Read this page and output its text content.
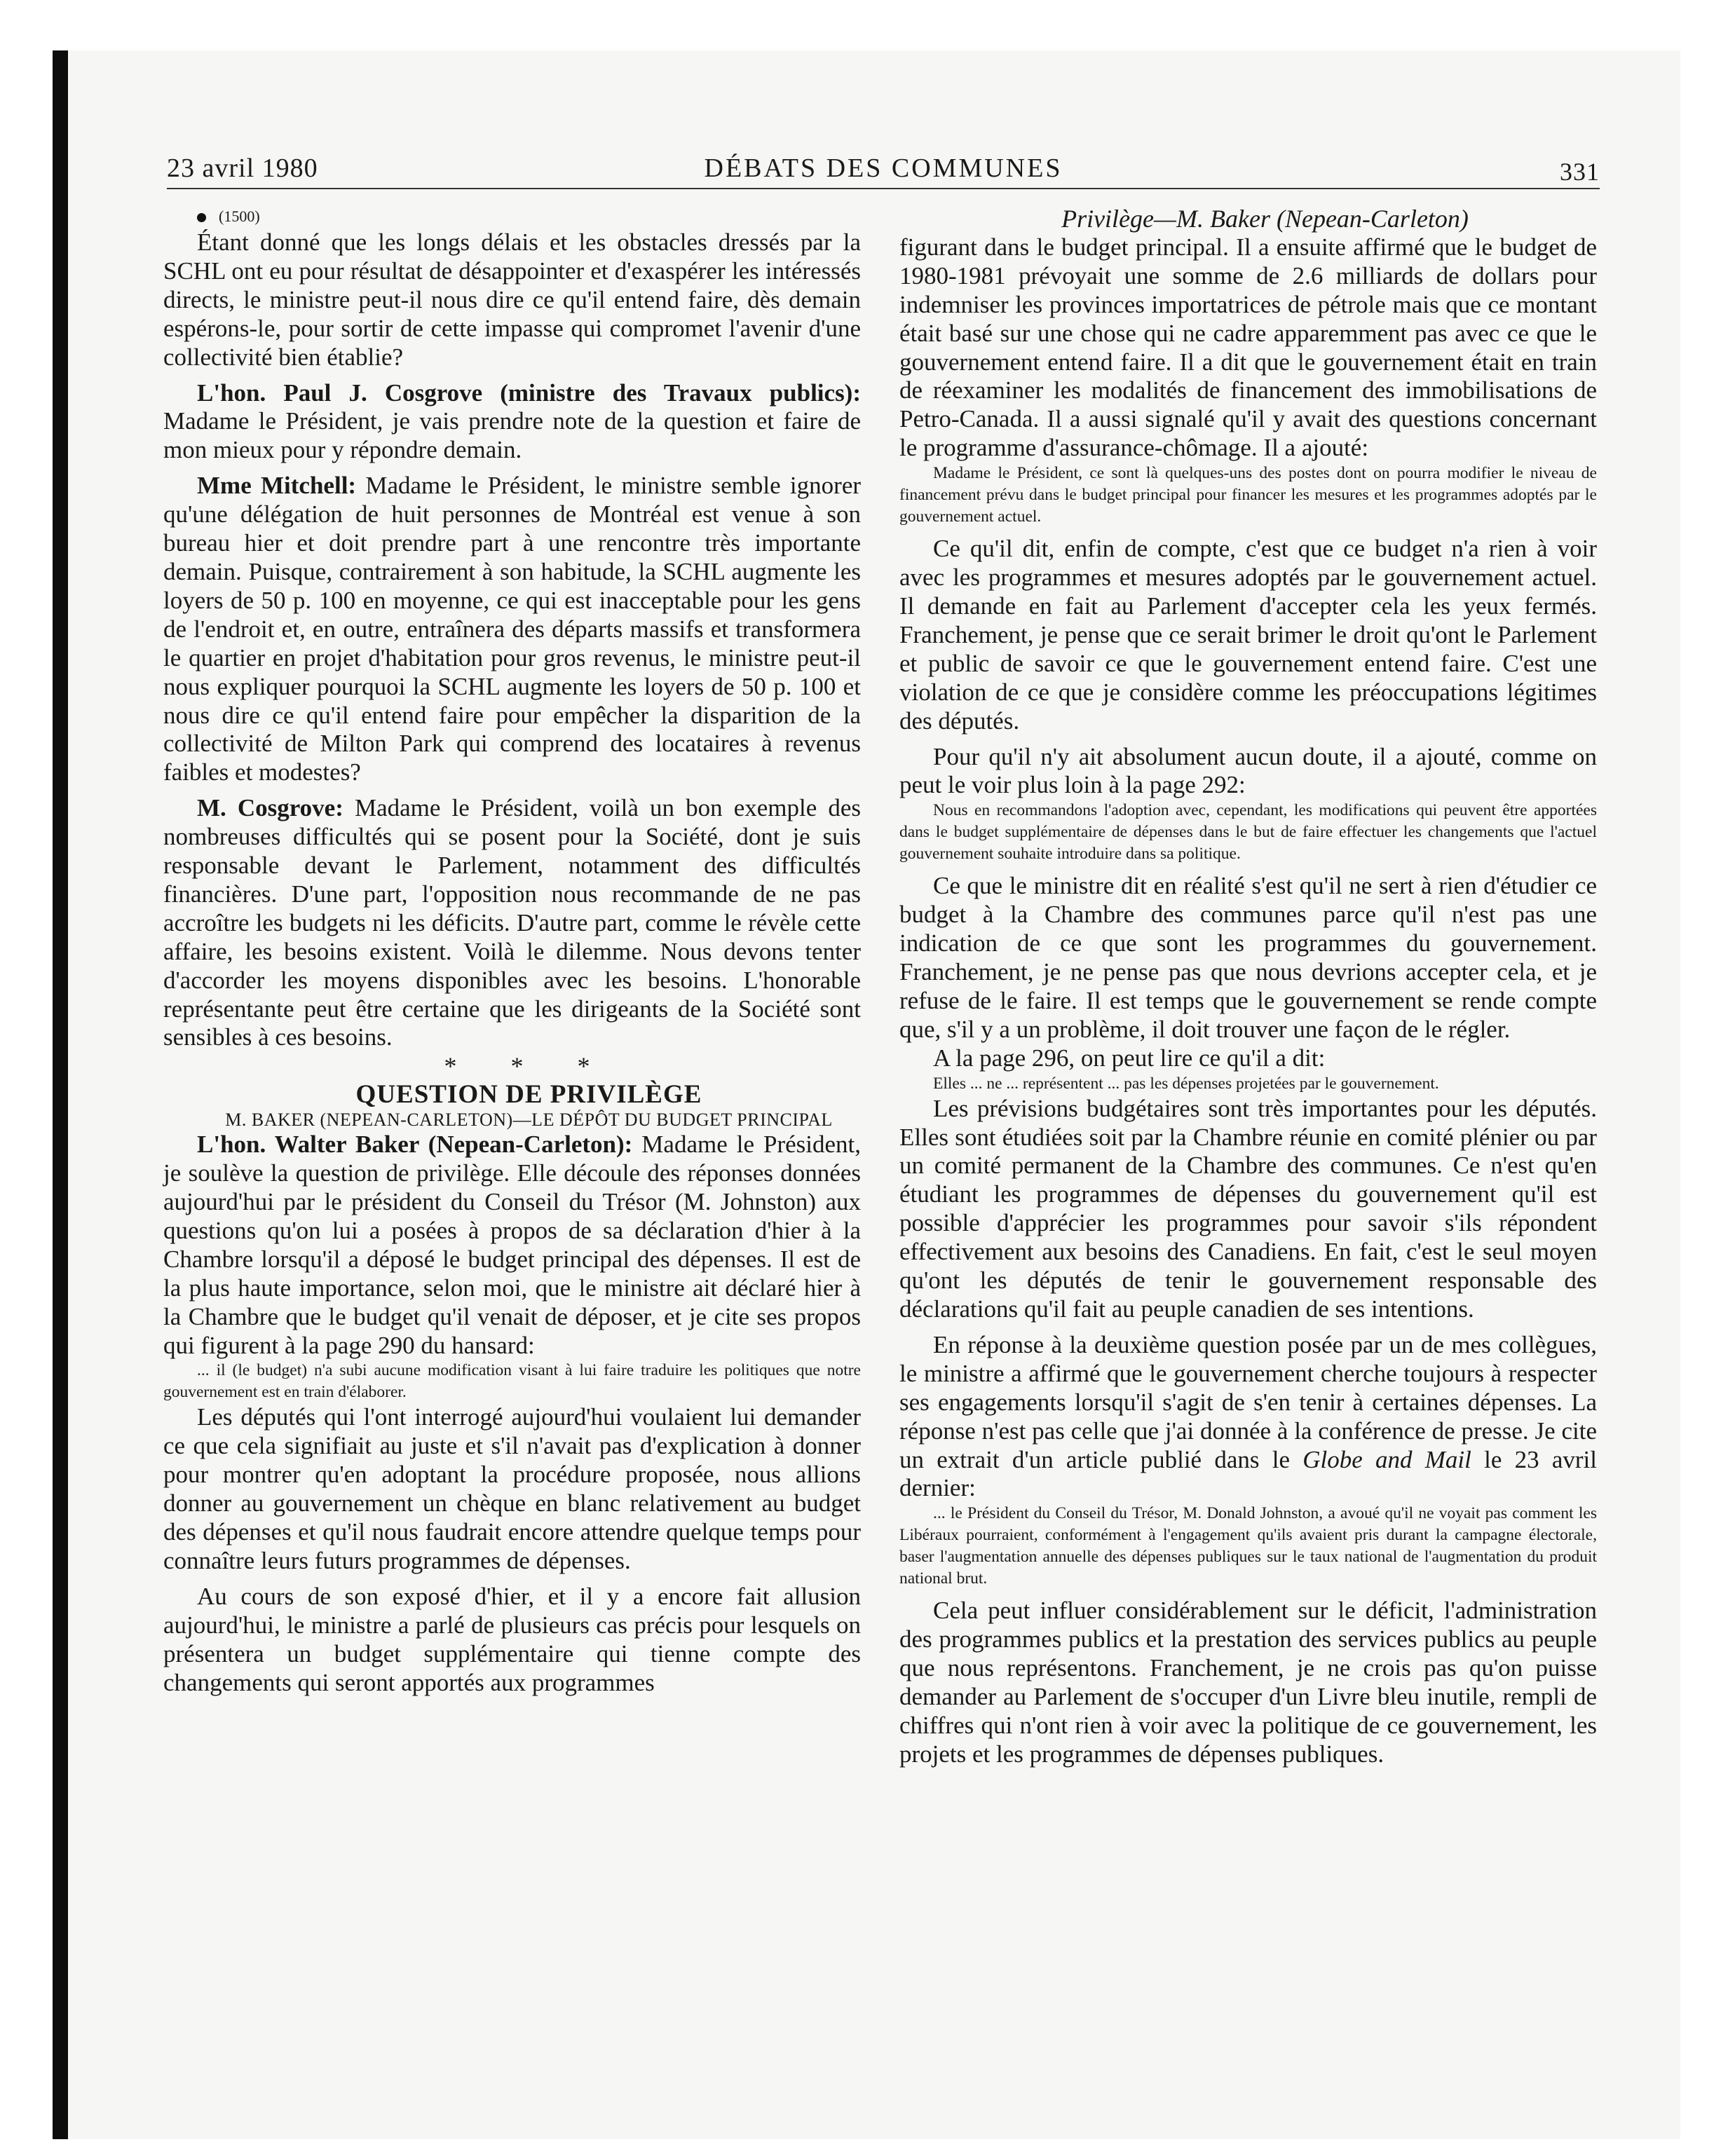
23 avril 1980	DÉBATS DES COMMUNES	331

(1500)

Étant donné que les longs délais et les obstacles dressés par la SCHL ont eu pour résultat de désappointer et d'exaspérer les intéressés directs, le ministre peut-il nous dire ce qu'il entend faire, dès demain espérons-le, pour sortir de cette impasse qui compromet l'avenir d'une collectivité bien établie?

L'hon. Paul J. Cosgrove (ministre des Travaux publics): Madame le Président, je vais prendre note de la question et faire de mon mieux pour y répondre demain.

Mme Mitchell: Madame le Président, le ministre semble ignorer qu'une délégation de huit personnes de Montréal est venue à son bureau hier et doit prendre part à une rencontre très importante demain. Puisque, contrairement à son habitude, la SCHL augmente les loyers de 50 p. 100 en moyenne, ce qui est inacceptable pour les gens de l'endroit et, en outre, entraînera des départs massifs et transformera le quartier en projet d'habitation pour gros revenus, le ministre peut-il nous expliquer pourquoi la SCHL augmente les loyers de 50 p. 100 et nous dire ce qu'il entend faire pour empêcher la disparition de la collectivité de Milton Park qui comprend des locataires à revenus faibles et modestes?

M. Cosgrove: Madame le Président, voilà un bon exemple des nombreuses difficultés qui se posent pour la Société, dont je suis responsable devant le Parlement, notamment des difficultés financières. D'une part, l'opposition nous recommande de ne pas accroître les budgets ni les déficits. D'autre part, comme le révèle cette affaire, les besoins existent. Voilà le dilemme. Nous devons tenter d'accorder les moyens disponibles avec les besoins. L'honorable représentante peut être certaine que les dirigeants de la Société sont sensibles à ces besoins.

* * *

QUESTION DE PRIVILÈGE

M. BAKER (NEPEAN-CARLETON)—LE DÉPÔT DU BUDGET PRINCIPAL

L'hon. Walter Baker (Nepean-Carleton): Madame le Président, je soulève la question de privilège. Elle découle des réponses données aujourd'hui par le président du Conseil du Trésor (M. Johnston) aux questions qu'on lui a posées à propos de sa déclaration d'hier à la Chambre lorsqu'il a déposé le budget principal des dépenses. Il est de la plus haute importance, selon moi, que le ministre ait déclaré hier à la Chambre que le budget qu'il venait de déposer, et je cite ses propos qui figurent à la page 290 du hansard:

... il (le budget) n'a subi aucune modification visant à lui faire traduire les politiques que notre gouvernement est en train d'élaborer.

Les députés qui l'ont interrogé aujourd'hui voulaient lui demander ce que cela signifiait au juste et s'il n'avait pas d'explication à donner pour montrer qu'en adoptant la procédure proposée, nous allions donner au gouvernement un chèque en blanc relativement au budget des dépenses et qu'il nous faudrait encore attendre quelque temps pour connaître leurs futurs programmes de dépenses.

Au cours de son exposé d'hier, et il y a encore fait allusion aujourd'hui, le ministre a parlé de plusieurs cas précis pour lesquels on présentera un budget supplémentaire qui tienne compte des changements qui seront apportés aux programmes

Privilège—M. Baker (Nepean-Carleton)

figurant dans le budget principal. Il a ensuite affirmé que le budget de 1980-1981 prévoyait une somme de 2.6 milliards de dollars pour indemniser les provinces importatrices de pétrole mais que ce montant était basé sur une chose qui ne cadre apparemment pas avec ce que le gouvernement entend faire. Il a dit que le gouvernement était en train de réexaminer les modalités de financement des immobilisations de Petro-Canada. Il a aussi signalé qu'il y avait des questions concernant le programme d'assurance-chômage. Il a ajouté:

Madame le Président, ce sont là quelques-uns des postes dont on pourra modifier le niveau de financement prévu dans le budget principal pour financer les mesures et les programmes adoptés par le gouvernement actuel.

Ce qu'il dit, enfin de compte, c'est que ce budget n'a rien à voir avec les programmes et mesures adoptés par le gouvernement actuel. Il demande en fait au Parlement d'accepter cela les yeux fermés. Franchement, je pense que ce serait brimer le droit qu'ont le Parlement et public de savoir ce que le gouvernement entend faire. C'est une violation de ce que je considère comme les préoccupations légitimes des députés.

Pour qu'il n'y ait absolument aucun doute, il a ajouté, comme on peut le voir plus loin à la page 292:

Nous en recommandons l'adoption avec, cependant, les modifications qui peuvent être apportées dans le budget supplémentaire de dépenses dans le but de faire effectuer les changements que l'actuel gouvernement souhaite introduire dans sa politique.

Ce que le ministre dit en réalité s'est qu'il ne sert à rien d'étudier ce budget à la Chambre des communes parce qu'il n'est pas une indication de ce que sont les programmes du gouvernement. Franchement, je ne pense pas que nous devrions accepter cela, et je refuse de le faire. Il est temps que le gouvernement se rende compte que, s'il y a un problème, il doit trouver une façon de le régler.

A la page 296, on peut lire ce qu'il a dit:

Elles ... ne ... représentent ... pas les dépenses projetées par le gouvernement.

Les prévisions budgétaires sont très importantes pour les députés. Elles sont étudiées soit par la Chambre réunie en comité plénier ou par un comité permanent de la Chambre des communes. Ce n'est qu'en étudiant les programmes de dépenses du gouvernement qu'il est possible d'apprécier les programmes pour savoir s'ils répondent effectivement aux besoins des Canadiens. En fait, c'est le seul moyen qu'ont les députés de tenir le gouvernement responsable des déclarations qu'il fait au peuple canadien de ses intentions.

En réponse à la deuxième question posée par un de mes collègues, le ministre a affirmé que le gouvernement cherche toujours à respecter ses engagements lorsqu'il s'agit de s'en tenir à certaines dépenses. La réponse n'est pas celle que j'ai donnée à la conférence de presse. Je cite un extrait d'un article publié dans le Globe and Mail le 23 avril dernier:

... le Président du Conseil du Trésor, M. Donald Johnston, a avoué qu'il ne voyait pas comment les Libéraux pourraient, conformément à l'engagement qu'ils avaient pris durant la campagne électorale, baser l'augmentation annuelle des dépenses publiques sur le taux national de l'augmentation du produit national brut.

Cela peut influer considérablement sur le déficit, l'administration des programmes publics et la prestation des services publics au peuple que nous représentons. Franchement, je ne crois pas qu'on puisse demander au Parlement de s'occuper d'un Livre bleu inutile, rempli de chiffres qui n'ont rien à voir avec la politique de ce gouvernement, les projets et les programmes de dépenses publiques.
